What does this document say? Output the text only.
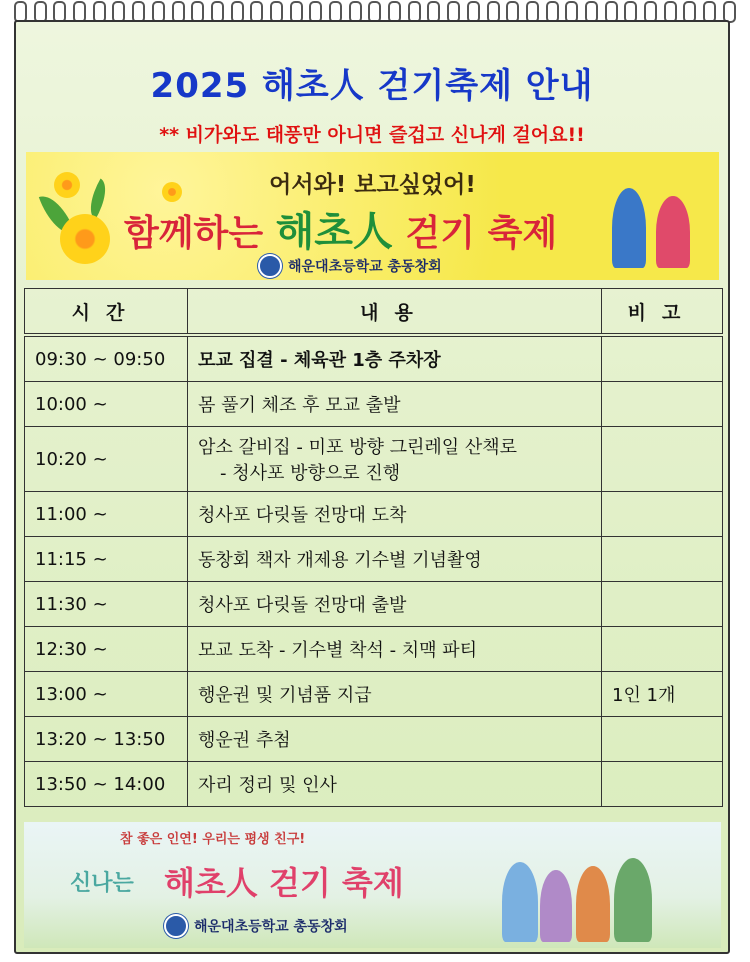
2025 해초人 걷기축제 안내
** 비가와도 태풍만 아니면 즐겁고 신나게 걸어요!!
어서와! 보고싶었어!
함께하는 해초人 걷기 축제
해운대초등학교 총동창회
시간	내용	비고
09:30 ~ 09:50	모교 집결 - 체육관 1층 주차장	
10:00 ~	몸 풀기 체조 후 모교 출발	
10:20 ~	암소 갈비집 - 미포 방향 그린레일 산책로
- 청사포 방향으로 진행	

11:00 ~	청사포 다릿돌 전망대 도착	
11:15 ~	동창회 책자 개제용 기수별 기념촬영	
11:30 ~	청사포 다릿돌 전망대 출발	
12:30 ~	모교 도착 - 기수별 착석 - 치맥 파티	
13:00 ~	행운권 및 기념품 지급	1인 1개
13:20 ~ 13:50	행운권 추첨	
13:50 ~ 14:00	자리 정리 및 인사	
참 좋은 인연! 우리는 평생 친구!
신나는 해초人 걷기 축제
해운대초등학교 총동창회
